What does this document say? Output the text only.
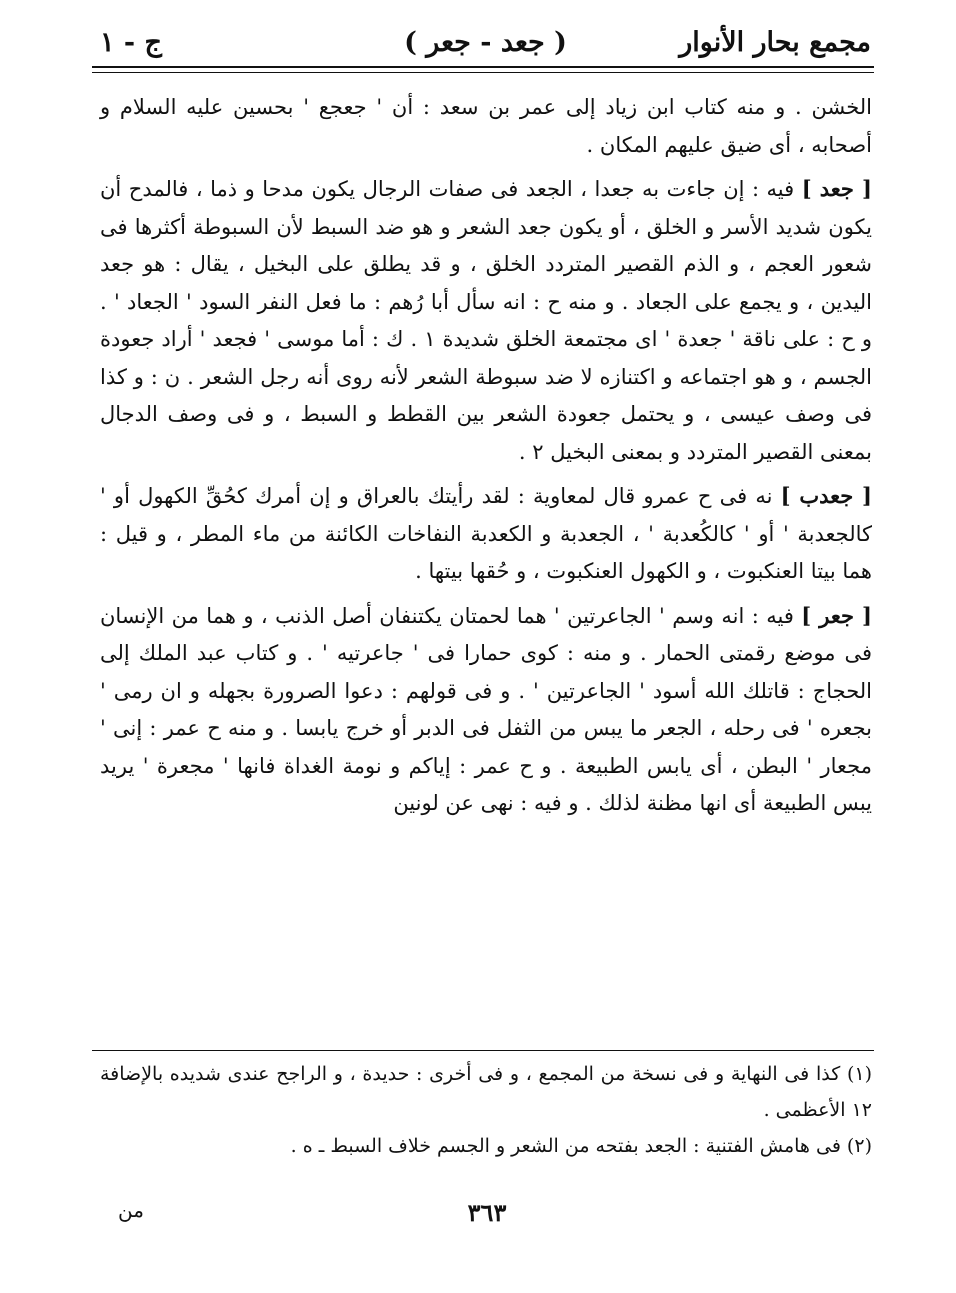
مجمع بحار الأنوار
( جعد - جعر )
ج - ۱

الخشن . و منه كتاب ابن زياد إلى عمر بن سعد : أن ' جعجع ' بحسين عليه السلام و أصحابه ، أى ضيق عليهم المكان .

[ جعد ] فيه : إن جاءت به جعدا ، الجعد فى صفات الرجال يكون مدحا و ذما ، فالمدح أن يكون شديد الأسر و الخلق ، أو يكون جعد الشعر و هو ضد السبط لأن السبوطة أكثرها فى شعور العجم ، و الذم القصير المتردد الخلق ، و قد يطلق على البخيل ، يقال : هو جعد اليدين ، و يجمع على الجعاد . و منه ح : انه سأل أبا رُهم : ما فعل النفر السود ' الجعاد ' . و ح : على ناقة ' جعدة ' اى مجتمعة الخلق شديدة ۱ . ك : أما موسى ' فجعد ' أراد جعودة الجسم ، و هو اجتماعه و اكتنازه لا ضد سبوطة الشعر لأنه روى أنه رجل الشعر . ن : و كذا فى وصف عيسى ، و يحتمل جعودة الشعر بين القطط و السبط ، و فى وصف الدجال بمعنى القصير المتردد و بمعنى البخيل ۲ .

[ جعدب ] نه فى ح عمرو قال لمعاوية : لقد رأيتك بالعراق و إن أمرك كحُقِّ الكهول أو ' كالجعدبة ' أو ' كالكُعدبة ' ، الجعدبة و الكعدبة النفاخات الكائنة من ماء المطر ، و قيل : هما بيتا العنكبوت ، و الكهول العنكبوت ، و حُقها بيتها .

[ جعر ] فيه : انه وسم ' الجاعرتين ' هما لحمتان يكتنفان أصل الذنب ، و هما من الإنسان فى موضع رقمتى الحمار . و منه : كوى حمارا فى ' جاعرتيه ' . و كتاب عبد الملك إلى الحجاج : قاتلك الله أسود ' الجاعرتين ' . و فى قولهم : دعوا الصرورة بجهله و ان رمى ' بجعره ' فى رحله ، الجعر ما يبس من الثفل فى الدبر أو خرج يابسا . و منه ح عمر : إنى ' مجعار ' البطن ، أى يابس الطبيعة . و ح عمر : إياكم و نومة الغداة فانها ' مجعرة ' يريد يبس الطبيعة أى انها مظنة لذلك . و فيه : نهى عن لونين

(۱) كذا فى النهاية و فى نسخة من المجمع ، و فى أخرى : حديدة ، و الراجح عندى شديده بالإضافة ۱۲ الأعظمى .

(۲) فى هامش الفتنية : الجعد بفتحه من الشعر و الجسم خلاف السبط ـ ه .

۳٦۳
من
